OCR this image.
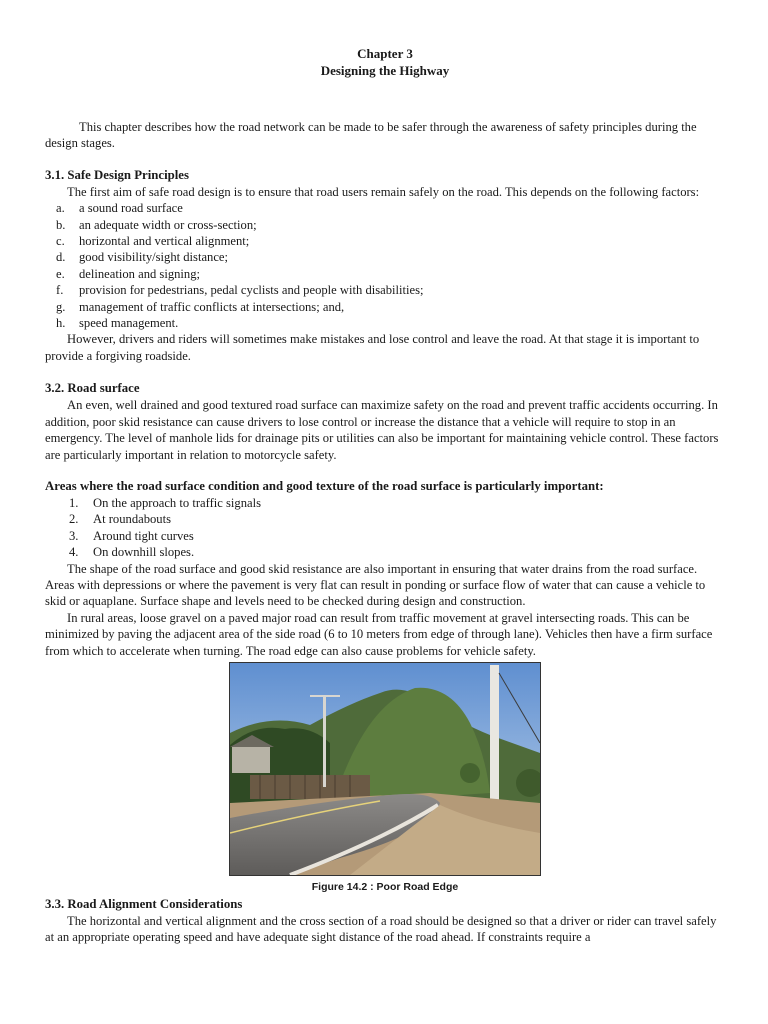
Chapter 3
Designing the Highway

This chapter describes how the road network can be made to be safer through the awareness of safety principles during the design stages.

3.1. Safe Design Principles

The first aim of safe road design is to ensure that road users remain safely on the road. This depends on the following factors:

a. a sound road surface
b. an adequate width or cross-section;
c. horizontal and vertical alignment;
d. good visibility/sight distance;
e. delineation and signing;
f. provision for pedestrians, pedal cyclists and people with disabilities;
g. management of traffic conflicts at intersections; and,
h. speed management.

However, drivers and riders will sometimes make mistakes and lose control and leave the road. At that stage it is important to provide a forgiving roadside.

3.2. Road surface

An even, well drained and good textured road surface can maximize safety on the road and prevent traffic accidents occurring. In addition, poor skid resistance can cause drivers to lose control or increase the distance that a vehicle will require to stop in an emergency. The level of manhole lids for drainage pits or utilities can also be important for maintaining vehicle control. These factors are particularly important in relation to motorcycle safety.

Areas where the road surface condition and good texture of the road surface is particularly important:
1. On the approach to traffic signals
2. At roundabouts
3. Around tight curves
4. On downhill slopes.

The shape of the road surface and good skid resistance are also important in ensuring that water drains from the road surface. Areas with depressions or where the pavement is very flat can result in ponding or surface flow of water that can cause a vehicle to skid or aquaplane. Surface shape and levels need to be checked during design and construction.

In rural areas, loose gravel on a paved major road can result from traffic movement at gravel intersecting roads. This can be minimized by paving the adjacent area of the side road (6 to 10 meters from edge of through lane). Vehicles then have a firm surface from which to accelerate when turning. The road edge can also cause problems for vehicle safety.

Figure 14.2 : Poor Road Edge
3.3. Road Alignment Considerations

The horizontal and vertical alignment and the cross section of a road should be designed so that a driver or rider can travel safely at an appropriate operating speed and have adequate sight distance of the road ahead. If constraints require a
